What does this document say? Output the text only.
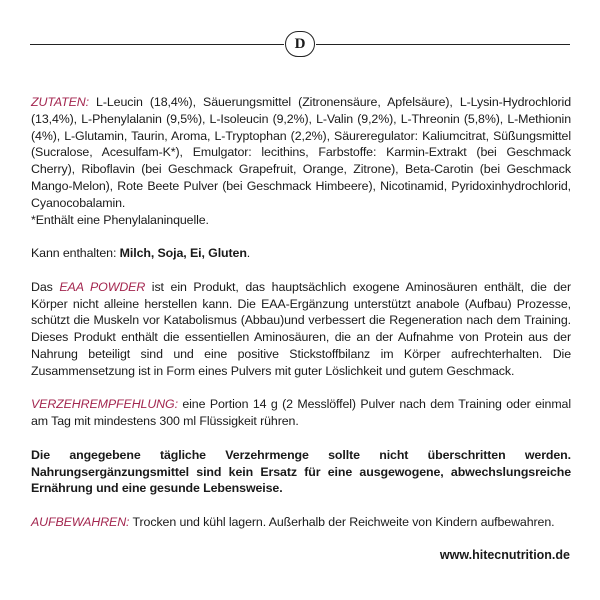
D

ZUTATEN: L-Leucin (18,4%), Säuerungsmittel (Zitronensäure, Apfelsäure), L-Lysin-Hydrochlorid (13,4%), L-Phenylalanin (9,5%), L-Isoleucin (9,2%), L-Valin (9,2%), L-Threonin (5,8%), L-Methionin (4%), L-Glutamin, Taurin, Aroma, L-Tryptophan (2,2%), Säureregulator: Kaliumcitrat, Süßungsmittel (Sucralose, Acesulfam-K*), Emulgator: lecithins, Farbstoffe: Karmin-Extrakt (bei Geschmack Cherry), Riboflavin (bei Geschmack Grapefruit, Orange, Zitrone), Beta-Carotin (bei Geschmack Mango-Melon), Rote Beete Pulver (bei Geschmack Himbeere), Nicotinamid, Pyridoxinhydrochlorid, Cyanocobalamin.
*Enthält eine Phenylalaninquelle.

Kann enthalten: Milch, Soja, Ei, Gluten.

Das EAA POWDER ist ein Produkt, das hauptsächlich exogene Aminosäuren enthält, die der Körper nicht alleine herstellen kann. Die EAA-Ergänzung unterstützt anabole (Aufbau) Prozesse, schützt die Muskeln vor Katabolismus (Abbau)und verbessert die Regeneration nach dem Training. Dieses Produkt enthält die essentiellen Aminosäuren, die an der Aufnahme von Protein aus der Nahrung beteiligt sind und eine positive Stickstoffbilanz im Körper aufrechterhalten. Die Zusammensetzung ist in Form eines Pulvers mit guter Löslichkeit und gutem Geschmack.

VERZEHREMPFEHLUNG: eine Portion 14 g (2 Messlöffel) Pulver nach dem Training oder einmal am Tag mit mindestens 300 ml Flüssigkeit rühren.

Die angegebene tägliche Verzehrmenge sollte nicht überschritten werden. Nahrungsergänzungsmittel sind kein Ersatz für eine ausgewogene, abwechslungsreiche Ernährung und eine gesunde Lebensweise.

AUFBEWAHREN: Trocken und kühl lagern. Außerhalb der Reichweite von Kindern aufbewahren.

www.hitecnutrition.de
